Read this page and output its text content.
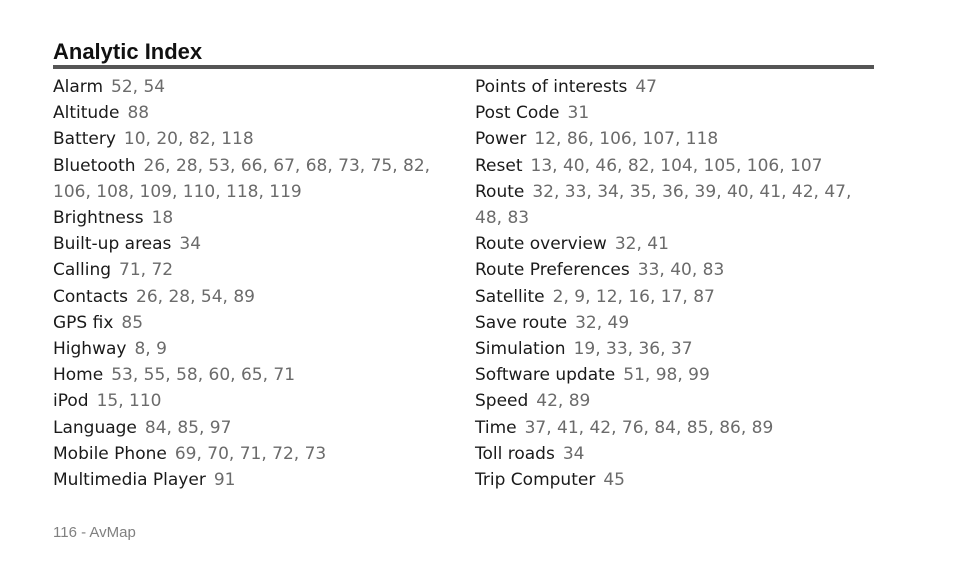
Analytic Index
Alarm 52, 54
Altitude 88
Battery 10, 20, 82, 118
Bluetooth 26, 28, 53, 66, 67, 68, 73, 75, 82, 106, 108, 109, 110, 118, 119
Brightness 18
Built-up areas 34
Calling 71, 72
Contacts 26, 28, 54, 89
GPS fix 85
Highway 8, 9
Home 53, 55, 58, 60, 65, 71
iPod 15, 110
Language 84, 85, 97
Mobile Phone 69, 70, 71, 72, 73
Multimedia Player 91
Points of interests 47
Post Code 31
Power 12, 86, 106, 107, 118
Reset 13, 40, 46, 82, 104, 105, 106, 107
Route 32, 33, 34, 35, 36, 39, 40, 41, 42, 47, 48, 83
Route overview 32, 41
Route Preferences 33, 40, 83
Satellite 2, 9, 12, 16, 17, 87
Save route 32, 49
Simulation 19, 33, 36, 37
Software update 51, 98, 99
Speed 42, 89
Time 37, 41, 42, 76, 84, 85, 86, 89
Toll roads 34
Trip Computer 45
116 - AvMap
